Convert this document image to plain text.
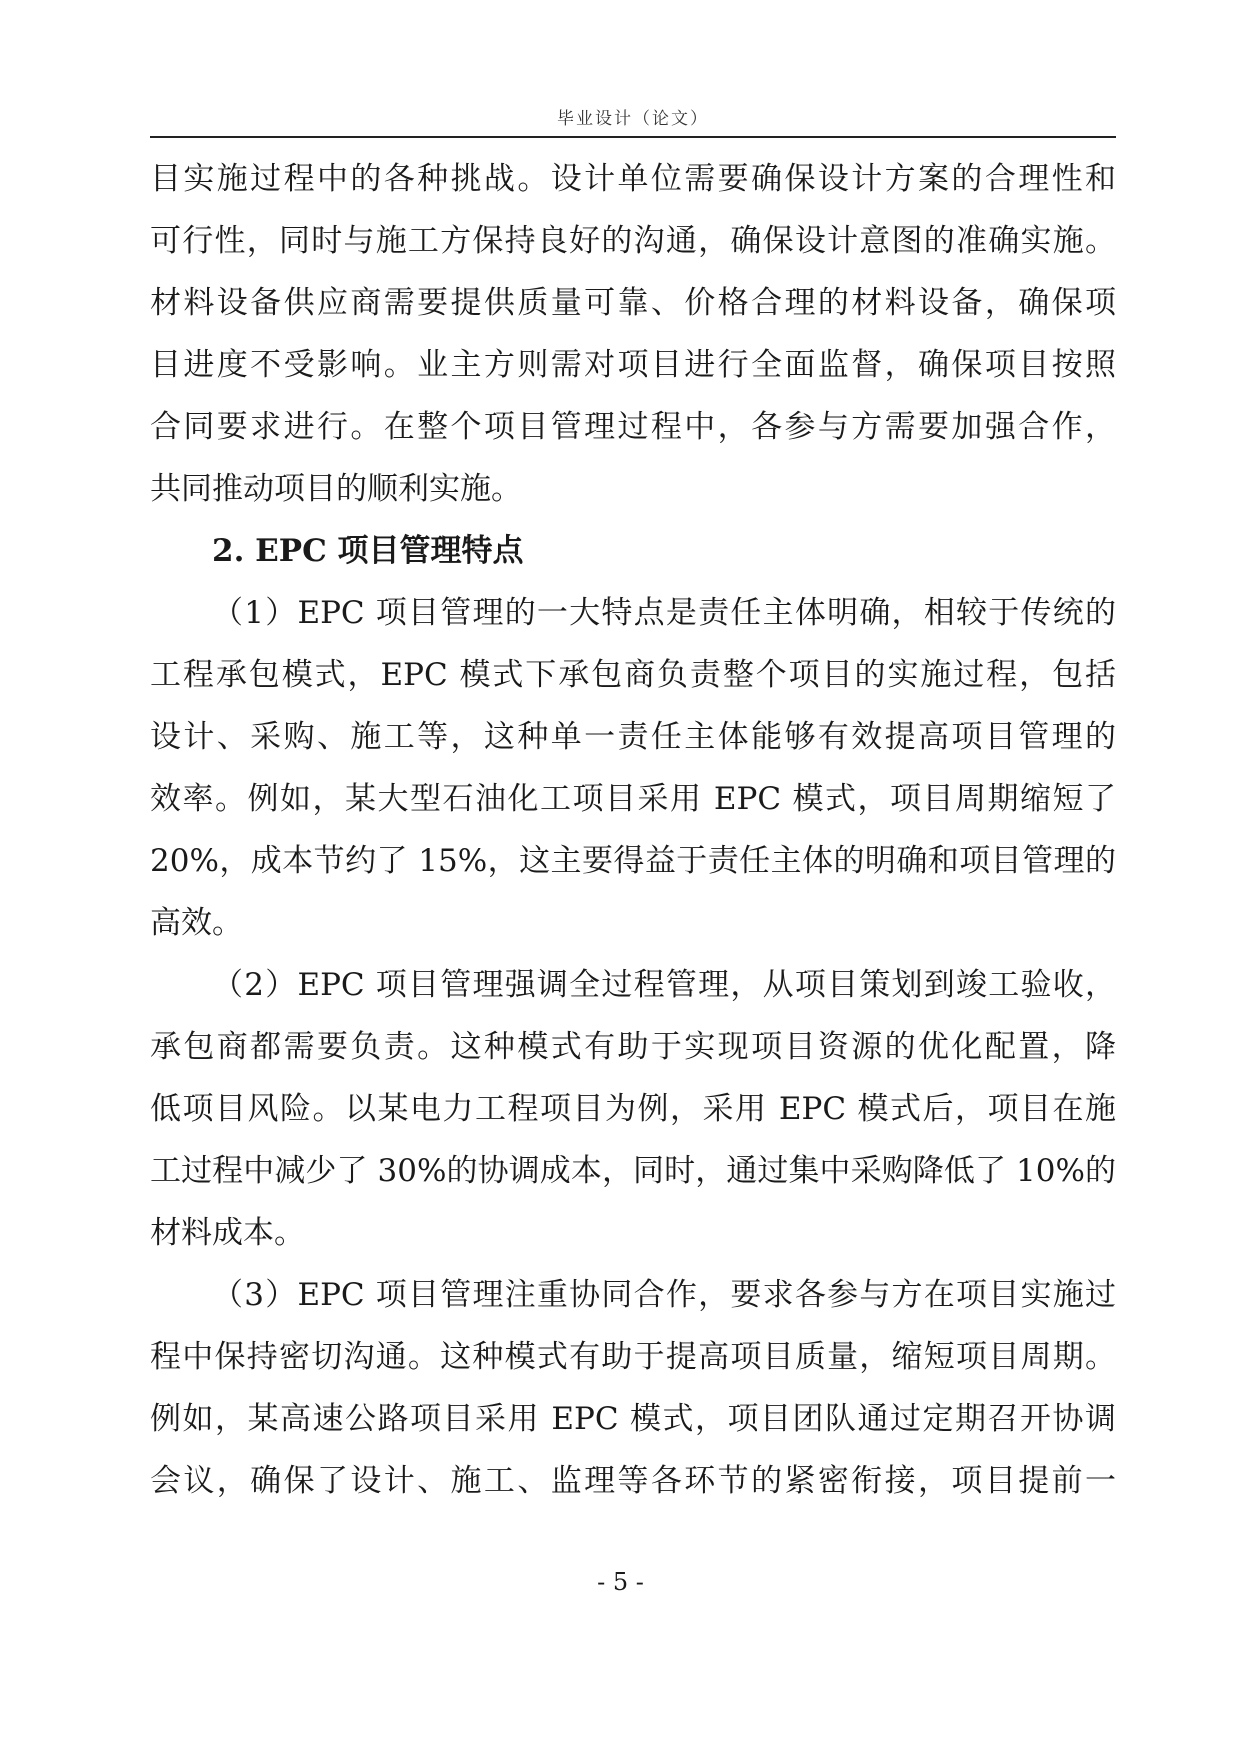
毕业设计（论文）
目实施过程中的各种挑战。设计单位需要确保设计方案的合理性和
可行性，同时与施工方保持良好的沟通，确保设计意图的准确实施。
材料设备供应商需要提供质量可靠、价格合理的材料设备，确保项
目进度不受影响。业主方则需对项目进行全面监督，确保项目按照
合同要求进行。在整个项目管理过程中，各参与方需要加强合作，
共同推动项目的顺利实施。
2. EPC 项目管理特点
（1）EPC 项目管理的一大特点是责任主体明确，相较于传统的
工程承包模式，EPC 模式下承包商负责整个项目的实施过程，包括
设计、采购、施工等，这种单一责任主体能够有效提高项目管理的
效率。例如，某大型石油化工项目采用 EPC 模式，项目周期缩短了
20%，成本节约了 15%，这主要得益于责任主体的明确和项目管理的
高效。
（2）EPC 项目管理强调全过程管理，从项目策划到竣工验收，
承包商都需要负责。这种模式有助于实现项目资源的优化配置，降
低项目风险。以某电力工程项目为例，采用 EPC 模式后，项目在施
工过程中减少了 30%的协调成本，同时，通过集中采购降低了 10%的
材料成本。
（3）EPC 项目管理注重协同合作，要求各参与方在项目实施过
程中保持密切沟通。这种模式有助于提高项目质量，缩短项目周期。
例如，某高速公路项目采用 EPC 模式，项目团队通过定期召开协调
会议，确保了设计、施工、监理等各环节的紧密衔接，项目提前一
- 5 -
